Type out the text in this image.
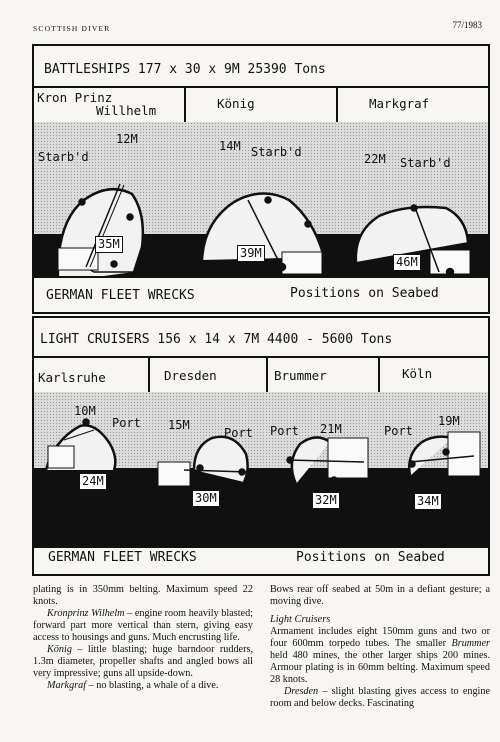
SCOTTISH DIVER	77/1983
BATTLESHIPS 177 x 30 x 9M 25390 Tons
Kron Prinz
Willhelm	König	Markgraf
12M
Starb'd
35M
14M Starb'd
39M
22M Starb'd
46M
GERMAN FLEET WRECKS	Positions on Seabed
LIGHT CRUISERS 156 x 14 x 7M 4400 - 5600 Tons
Karlsruhe	Dresden	Brummer	Köln
10M
Port
24M
15M
Port
30M
Port 21M
32M
Port
19M
34M
GERMAN FLEET WRECKS	Positions on Seabed

plating is in 350mm belting. Maximum speed 22 knots.

Kronprinz Wilhelm – engine room heavily blasted; forward part more vertical than stern, giving easy access to housings and guns. Much encrusting life.

König – little blasting; huge barndoor rudders, 1.3m diameter, propeller shafts and angled bows all very impressive; guns all upside-down.

Markgraf – no blasting, a whale of a dive.

Bows rear off seabed at 50m in a defiant gesture; a moving dive.

Light Cruisers

Armament includes eight 150mm guns and two or four 600mm torpedo tubes. The smaller Brummer held 480 mines, the other larger ships 200 mines. Armour plating is in 60mm belting. Maximum speed 28 knots.

Dresden – slight blasting gives access to engine room and below decks. Fascinating
